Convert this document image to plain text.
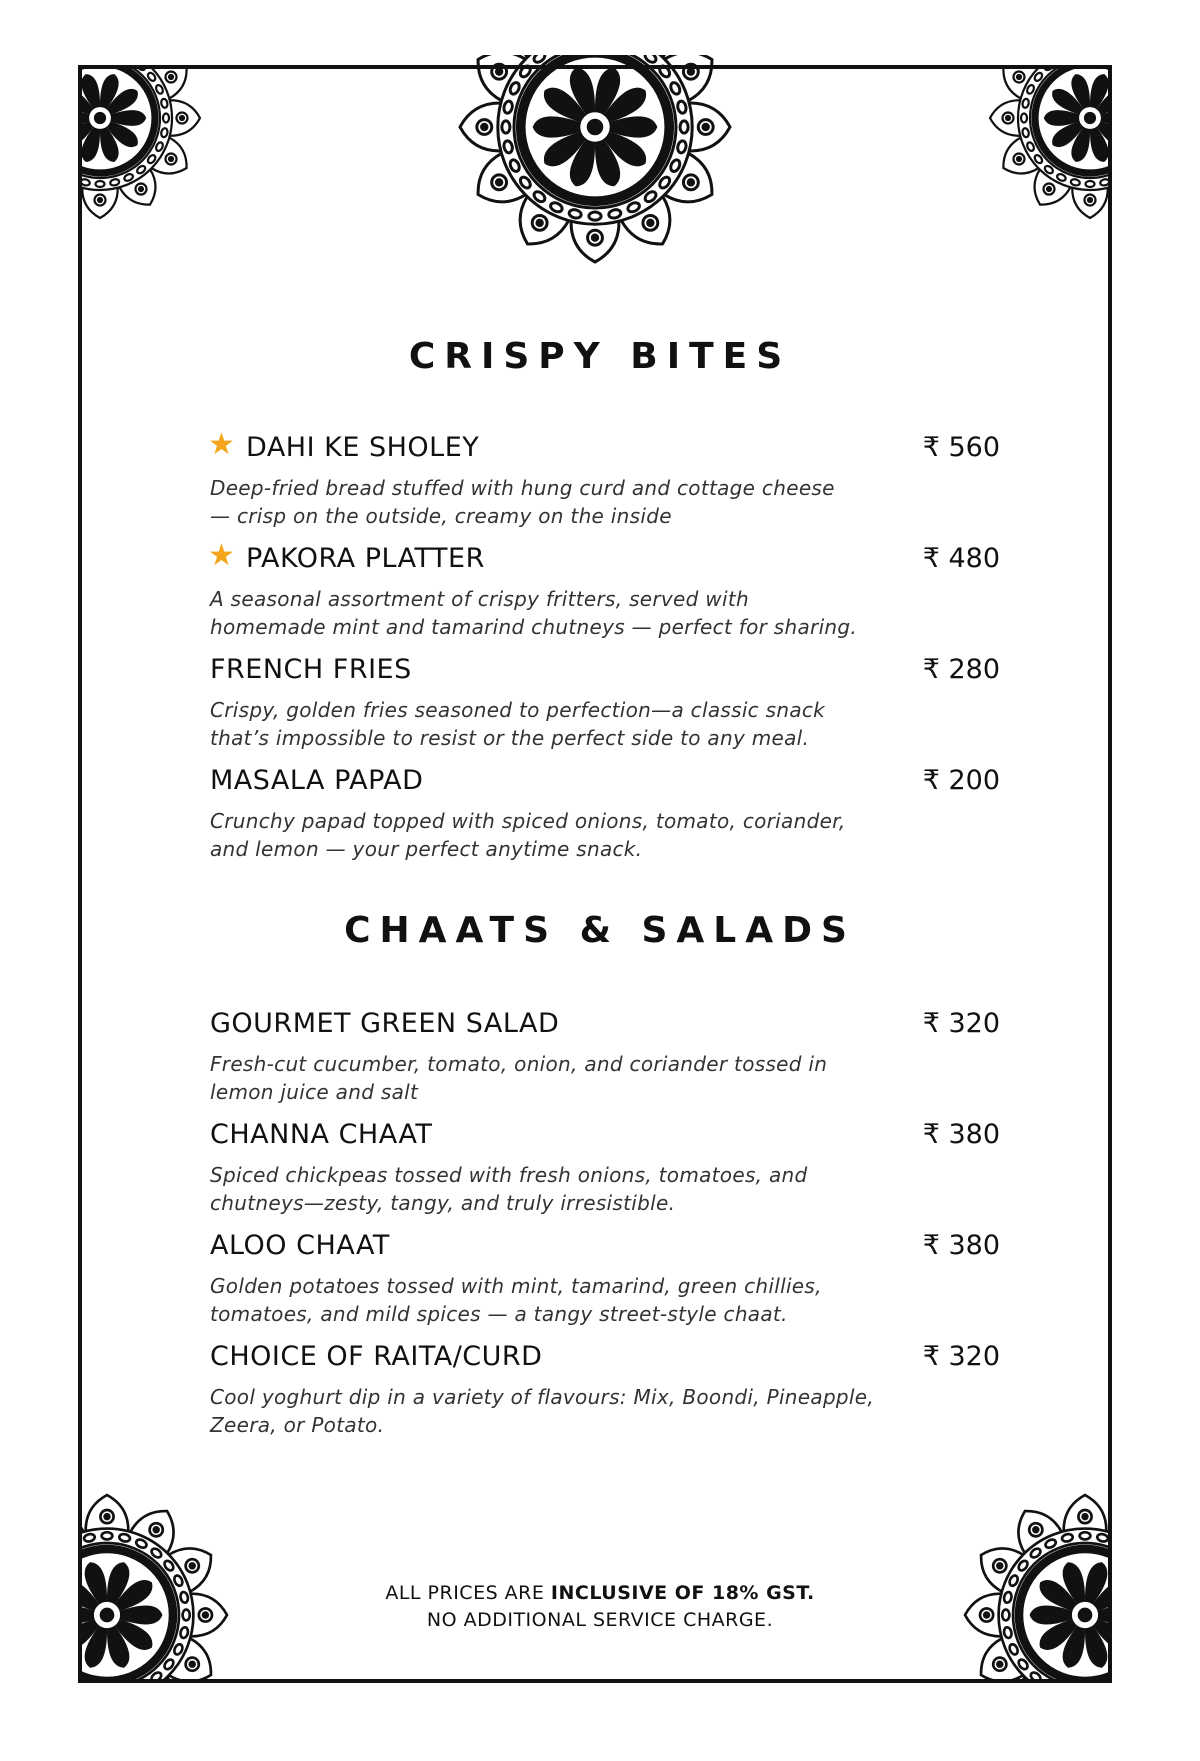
CRISPY BITES
★ DAHI KE SHOLEY	₹ 560
Deep-fried bread stuffed with hung curd and cottage cheese
— crisp on the outside, creamy on the inside
★ PAKORA PLATTER	₹ 480
A seasonal assortment of crispy fritters, served with
homemade mint and tamarind chutneys — perfect for sharing.
FRENCH FRIES	₹ 280
Crispy, golden fries seasoned to perfection—a classic snack
that’s impossible to resist or the perfect side to any meal.
MASALA PAPAD	₹ 200
Crunchy papad topped with spiced onions, tomato, coriander,
and lemon — your perfect anytime snack.
CHAATS & SALADS
GOURMET GREEN SALAD	₹ 320
Fresh-cut cucumber, tomato, onion, and coriander tossed in
lemon juice and salt
CHANNA CHAAT	₹ 380
Spiced chickpeas tossed with fresh onions, tomatoes, and
chutneys—zesty, tangy, and truly irresistible.
ALOO CHAAT	₹ 380
Golden potatoes tossed with mint, tamarind, green chillies,
tomatoes, and mild spices — a tangy street-style chaat.
CHOICE OF RAITA/CURD	₹ 320
Cool yoghurt dip in a variety of flavours: Mix, Boondi, Pineapple,
Zeera, or Potato.
ALL PRICES ARE INCLUSIVE OF 18% GST.
NO ADDITIONAL SERVICE CHARGE.
